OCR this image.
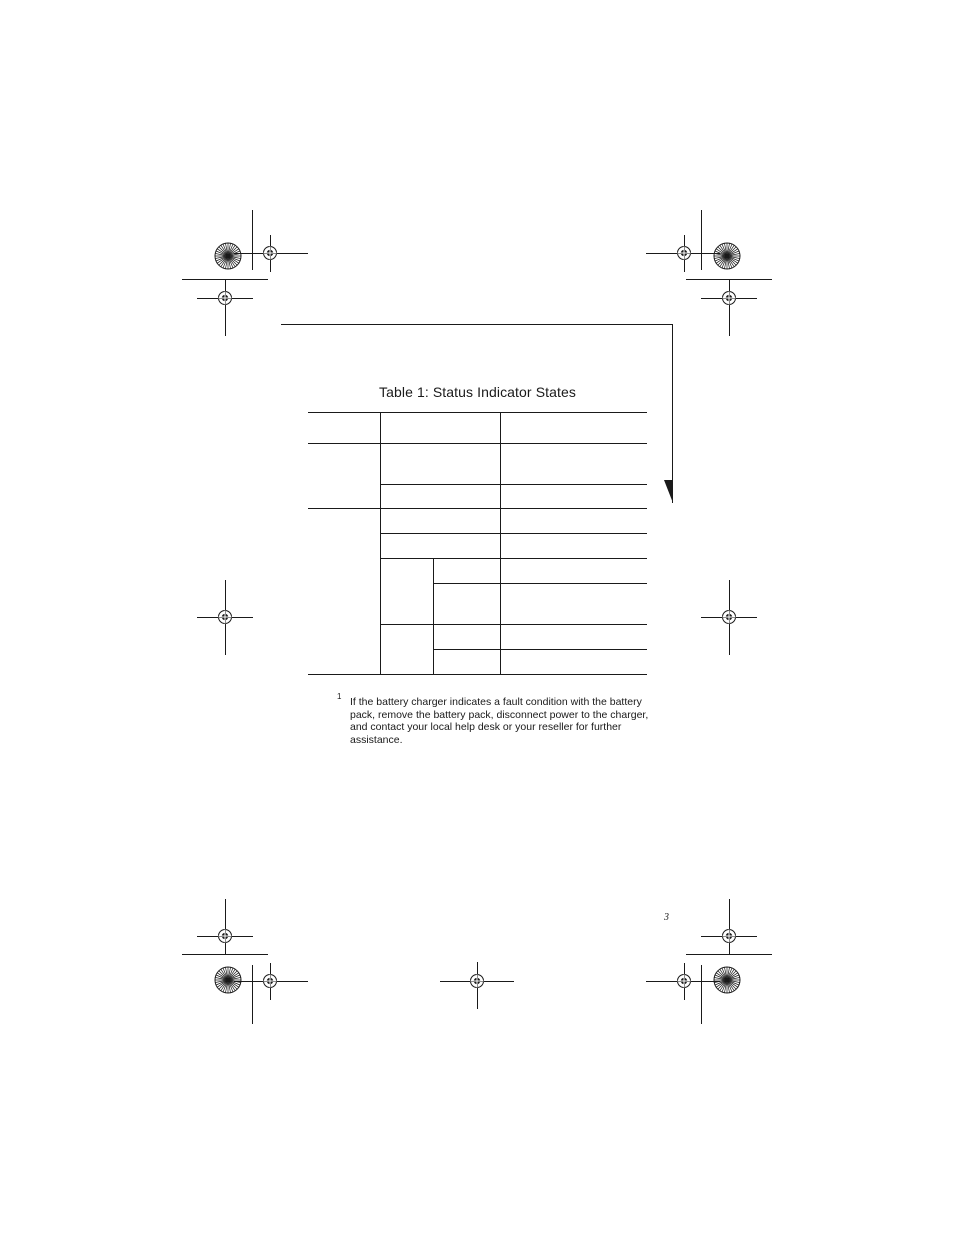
Table 1: Status Indicator States
1 If the battery charger indicates a fault condition with the battery pack, remove the battery pack, disconnect power to the charger, and contact your local help desk or your reseller for further assistance.
3
